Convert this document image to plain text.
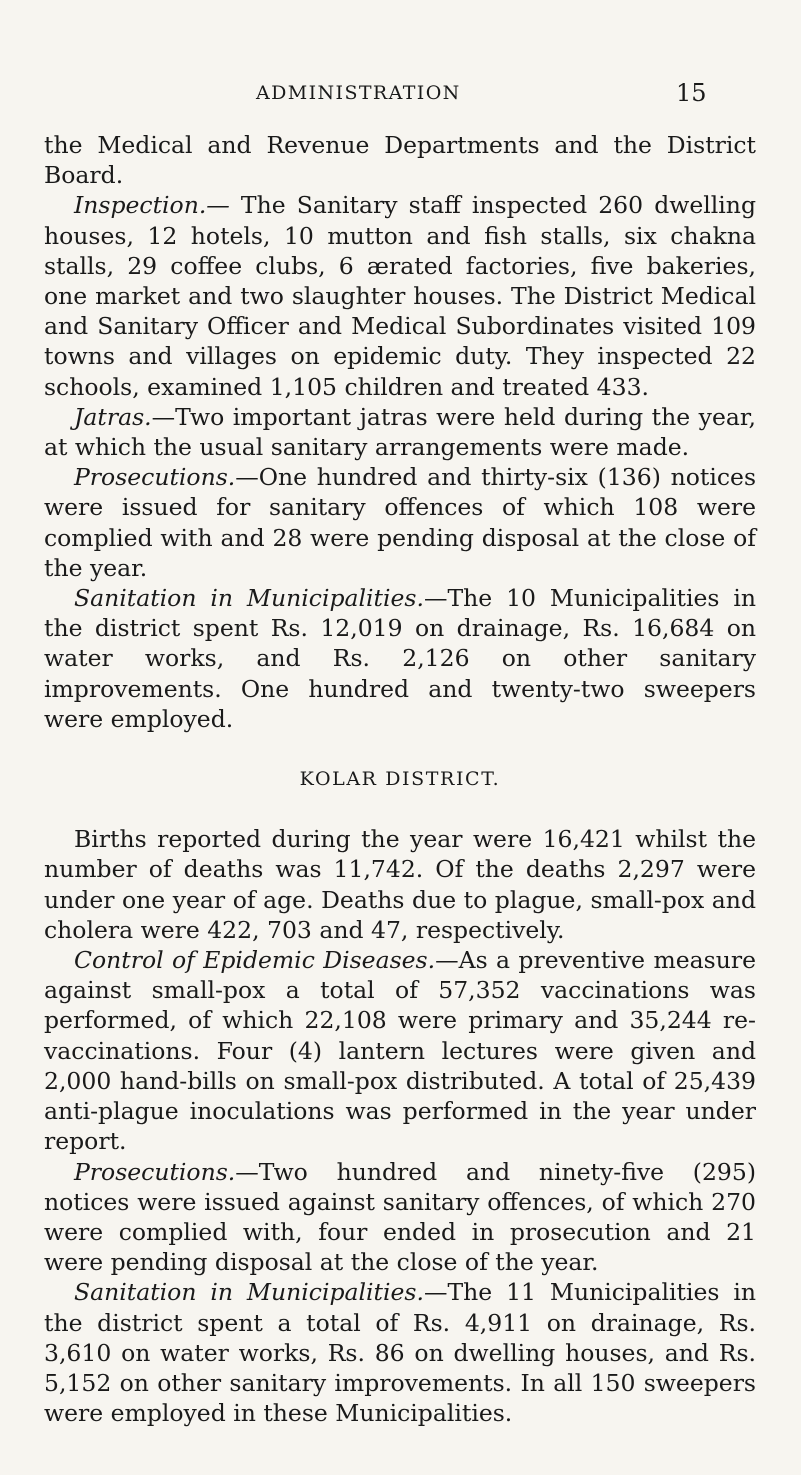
ADMINISTRATION	15

the Medical and Revenue Departments and the District Board.

Inspection.— The Sanitary staff inspected 260 dwelling houses, 12 hotels, 10 mutton and fish stalls, six chakna stalls, 29 coffee clubs, 6 ærated factories, five bakeries, one market and two slaughter houses. The District Medical and Sanitary Officer and Medical Subordinates visited 109 towns and villages on epidemic duty. They inspected 22 schools, examined 1,105 children and treated 433.

Jatras.—Two important jatras were held during the year, at which the usual sanitary arrangements were made.

Prosecutions.—One hundred and thirty-six (136) notices were issued for sanitary offences of which 108 were complied with and 28 were pending disposal at the close of the year.

Sanitation in Municipalities.—The 10 Municipalities in the district spent Rs. 12,019 on drainage, Rs. 16,684 on water works, and Rs. 2,126 on other sanitary improvements. One hundred and twenty-two sweepers were employed.

KOLAR DISTRICT.

Births reported during the year were 16,421 whilst the number of deaths was 11,742. Of the deaths 2,297 were under one year of age. Deaths due to plague, small-pox and cholera were 422, 703 and 47, respectively.

Control of Epidemic Diseases.—As a preventive measure against small-pox a total of 57,352 vaccinations was performed, of which 22,108 were primary and 35,244 re-vaccinations. Four (4) lantern lectures were given and 2,000 hand-bills on small-pox distributed. A total of 25,439 anti-plague inoculations was performed in the year under report.

Prosecutions.—Two hundred and ninety-five (295) notices were issued against sanitary offences, of which 270 were complied with, four ended in prosecution and 21 were pending disposal at the close of the year.

Sanitation in Municipalities.—The 11 Municipalities in the district spent a total of Rs. 4,911 on drainage, Rs. 3,610 on water works, Rs. 86 on dwelling houses, and Rs. 5,152 on other sanitary improvements. In all 150 sweepers were employed in these Municipalities.
